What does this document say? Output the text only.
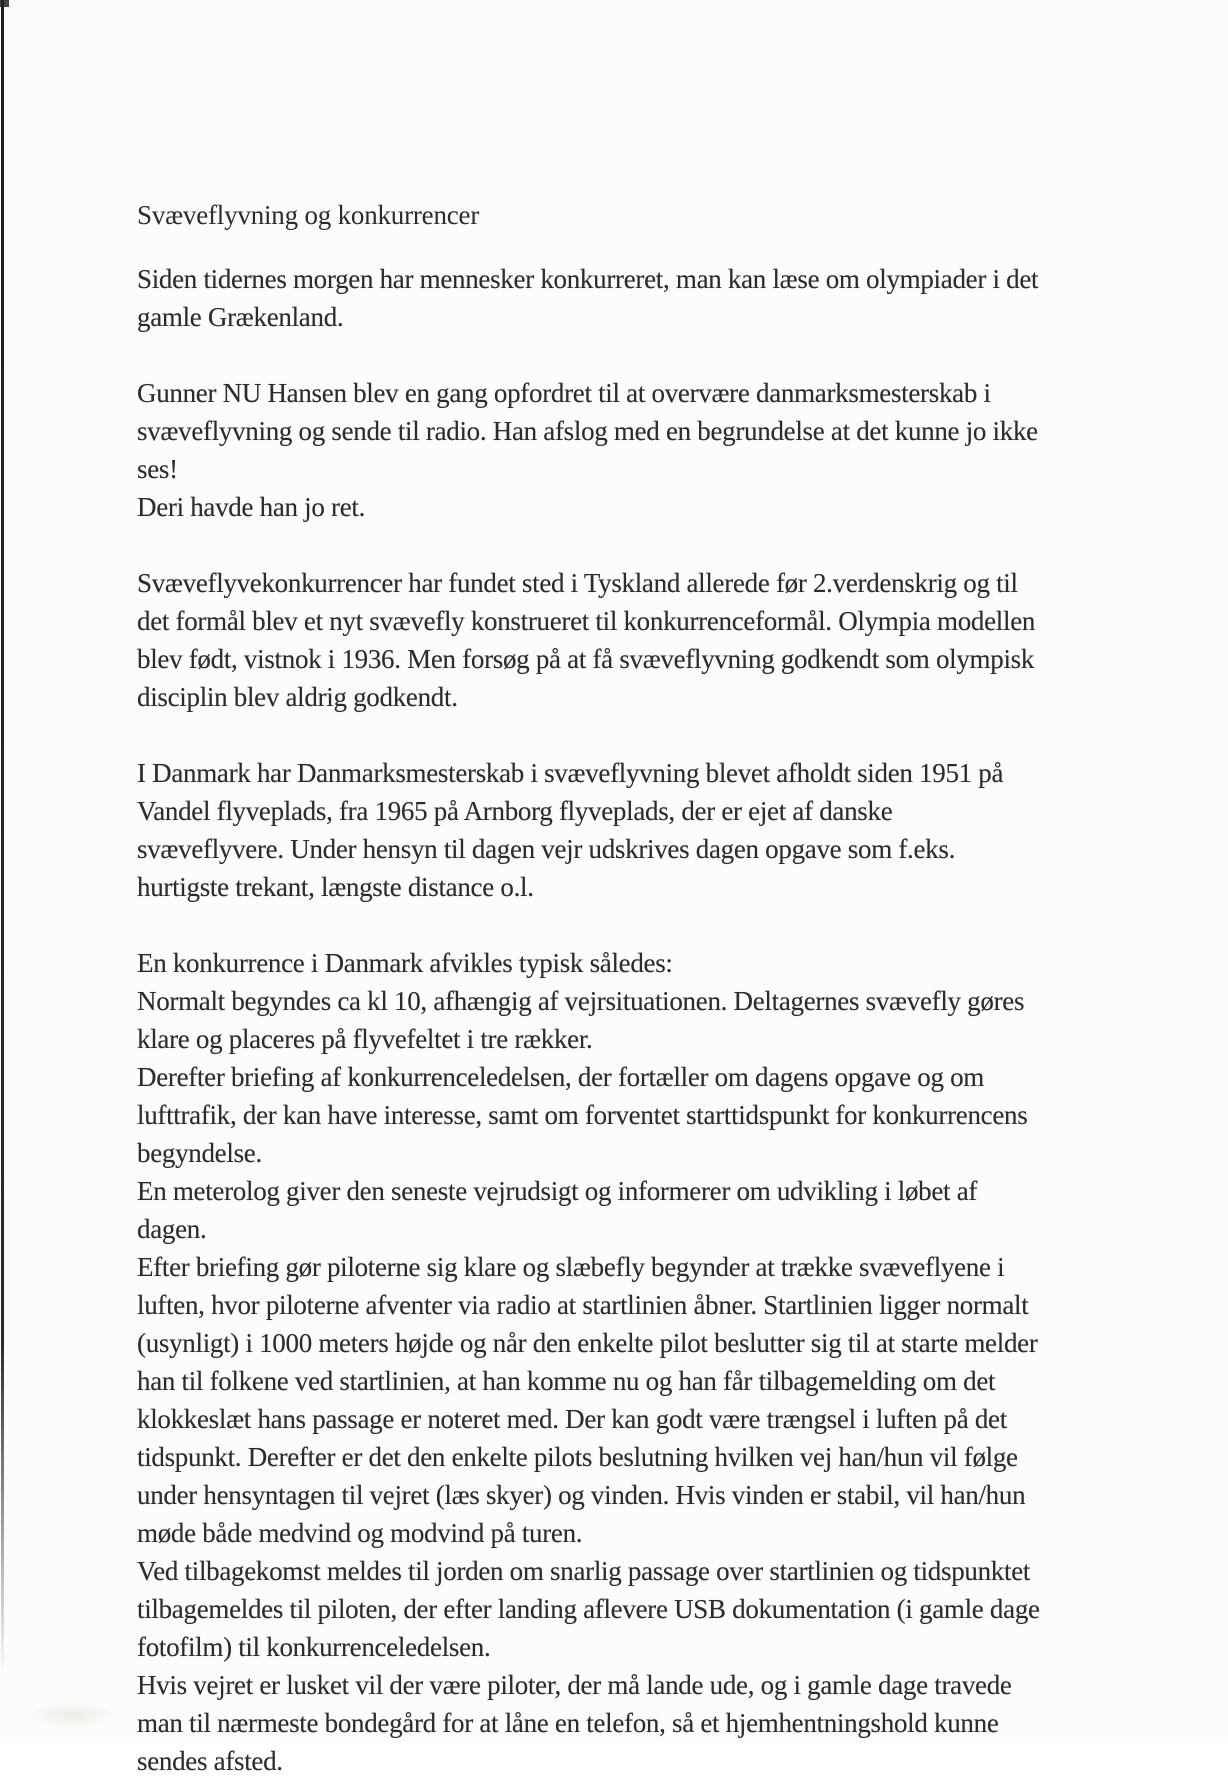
Svæveflyvning og konkurrencer

Siden tidernes morgen har mennesker konkurreret, man kan læse om olympiader i det
gamle Grækenland.

Gunner NU Hansen blev en gang opfordret til at overvære danmarksmesterskab i
svæveflyvning og sende til radio. Han afslog med en begrundelse at det kunne jo ikke
ses!
Deri havde han jo ret.

Svæveflyvekonkurrencer har fundet sted i Tyskland allerede før 2.verdenskrig og til
det formål blev et nyt svævefly konstrueret til konkurrenceformål. Olympia modellen
blev født, vistnok i 1936. Men forsøg på at få svæveflyvning godkendt som olympisk
disciplin blev aldrig godkendt.

I Danmark har Danmarksmesterskab i svæveflyvning blevet afholdt siden 1951 på
Vandel flyveplads, fra 1965 på Arnborg flyveplads, der er ejet af danske
svæveflyvere. Under hensyn til dagen vejr udskrives dagen opgave som f.eks.
hurtigste trekant, længste distance o.l.

En konkurrence i Danmark afvikles typisk således:
Normalt begyndes ca kl 10, afhængig af vejrsituationen. Deltagernes svævefly gøres
klare og placeres på flyvefeltet i tre rækker.
Derefter briefing af konkurrenceledelsen, der fortæller om dagens opgave og om
lufttrafik, der kan have interesse, samt om forventet starttidspunkt for konkurrencens
begyndelse.
En meterolog giver den seneste vejrudsigt og informerer om udvikling i løbet af
dagen.
Efter briefing gør piloterne sig klare og slæbefly begynder at trække svæveflyene i
luften, hvor piloterne afventer via radio at startlinien åbner. Startlinien ligger normalt
(usynligt) i 1000 meters højde og når den enkelte pilot beslutter sig til at starte melder
han til folkene ved startlinien, at han komme nu og han får tilbagemelding om det
klokkeslæt hans passage er noteret med. Der kan godt være trængsel i luften på det
tidspunkt. Derefter er det den enkelte pilots beslutning hvilken vej han/hun vil følge
under hensyntagen til vejret (læs skyer) og vinden. Hvis vinden er stabil, vil han/hun
møde både medvind og modvind på turen.
Ved tilbagekomst meldes til jorden om snarlig passage over startlinien og tidspunktet
tilbagemeldes til piloten, der efter landing aflevere USB dokumentation (i gamle dage
fotofilm) til konkurrenceledelsen.
Hvis vejret er lusket vil der være piloter, der må lande ude, og i gamle dage travede
man til nærmeste bondegård for at låne en telefon, så et hjemhentningshold kunne
sendes afsted.
